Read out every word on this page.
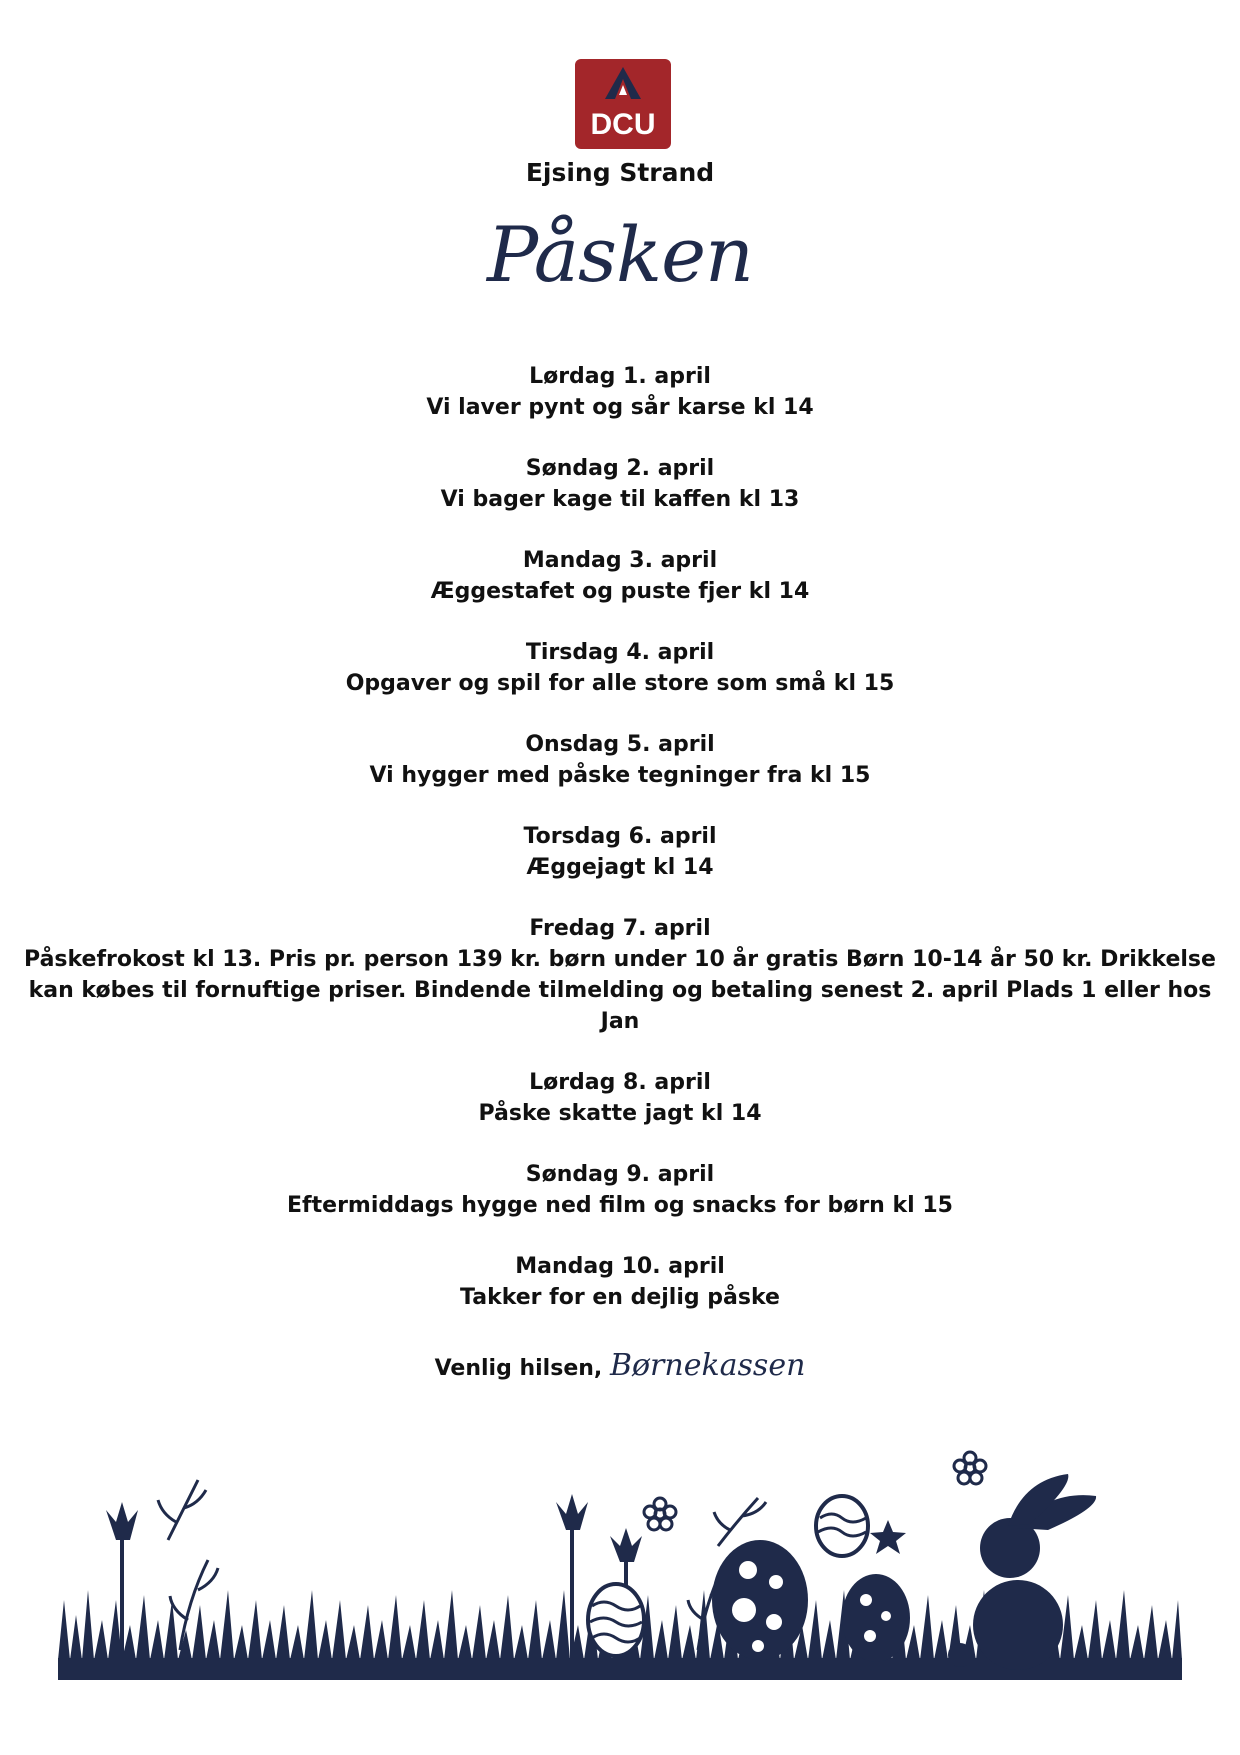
DCU
Ejsing Strand
Påsken
Lørdag 1. april
Vi laver pynt og sår karse kl 14
Søndag 2. april
Vi bager kage til kaffen kl 13
Mandag 3. april
Æggestafet og puste fjer kl 14
Tirsdag 4. april
Opgaver og spil for alle store som små kl 15
Onsdag 5. april
Vi hygger med påske tegninger fra kl 15
Torsdag 6. april
Æggejagt kl 14
Fredag 7. april
Påskefrokost kl 13. Pris pr. person 139 kr. børn under 10 år gratis Børn 10-14 år 50 kr. Drikkelse kan købes til fornuftige priser. Bindende tilmelding og betaling senest 2. april Plads 1 eller hos Jan
Lørdag 8. april
Påske skatte jagt kl 14
Søndag 9. april
Eftermiddags hygge ned film og snacks for børn kl 15
Mandag 10. april
Takker for en dejlig påske
Venlig hilsen, Børnekassen
